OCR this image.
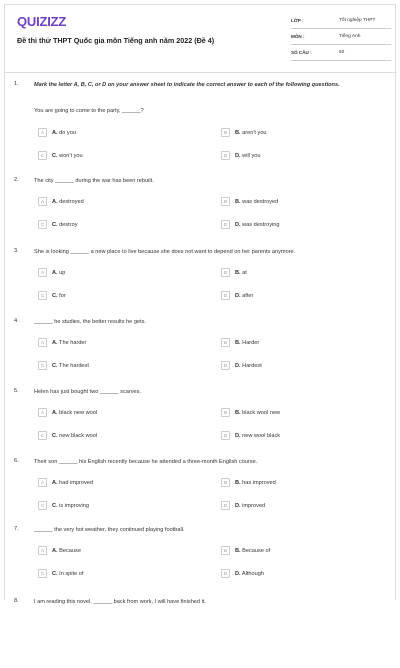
QUIZIZZ
Đề thi thử THPT Quốc gia môn Tiếng anh năm 2022 (Đề 4)
LỚP :	Tốt nghiệp THPT
MÔN :	Tiếng Anh
SỐ CÂU :	50
1.	Mark the letter A, B, C, or D on your answer sheet to indicate the correct answer to each of the following questions.
You are going to come to the party, ______?
A	A. do you	B	B. aren't you
C	C. won't you	D	D. will you
2.	The city ______ during the war has been rebuilt.
A	A. destroyed	B	B. was destroyed
C	C. destroy	D	D. was destroying
3.	She is looking ______ a new place to live because she does not want to depend on her parents anymore.
A	A. up	B	B. at
C	C. for	D	D. after
4.	______ he studies, the better results he gets.
A	A. The harder	B	B. Harder
C	C. The hardest	D	D. Hardest
5.	Helen has just bought two ______ scarves.
A	A. black new wool	B	B. black wool new
C	C. new black wool	D	D. new wool black
6.	Their son ______ his English recently because he attended a three-month English course.
A	A. had improved	B	B. has improved
C	C. is improving	D	D. improved
7.	______ the very hot weather, they continued playing football.
A	A. Because	B	B. Because of
C	C. In spite of	D	D. Although
8.	I am reading this novel. ______ back from work, I will have finished it.
